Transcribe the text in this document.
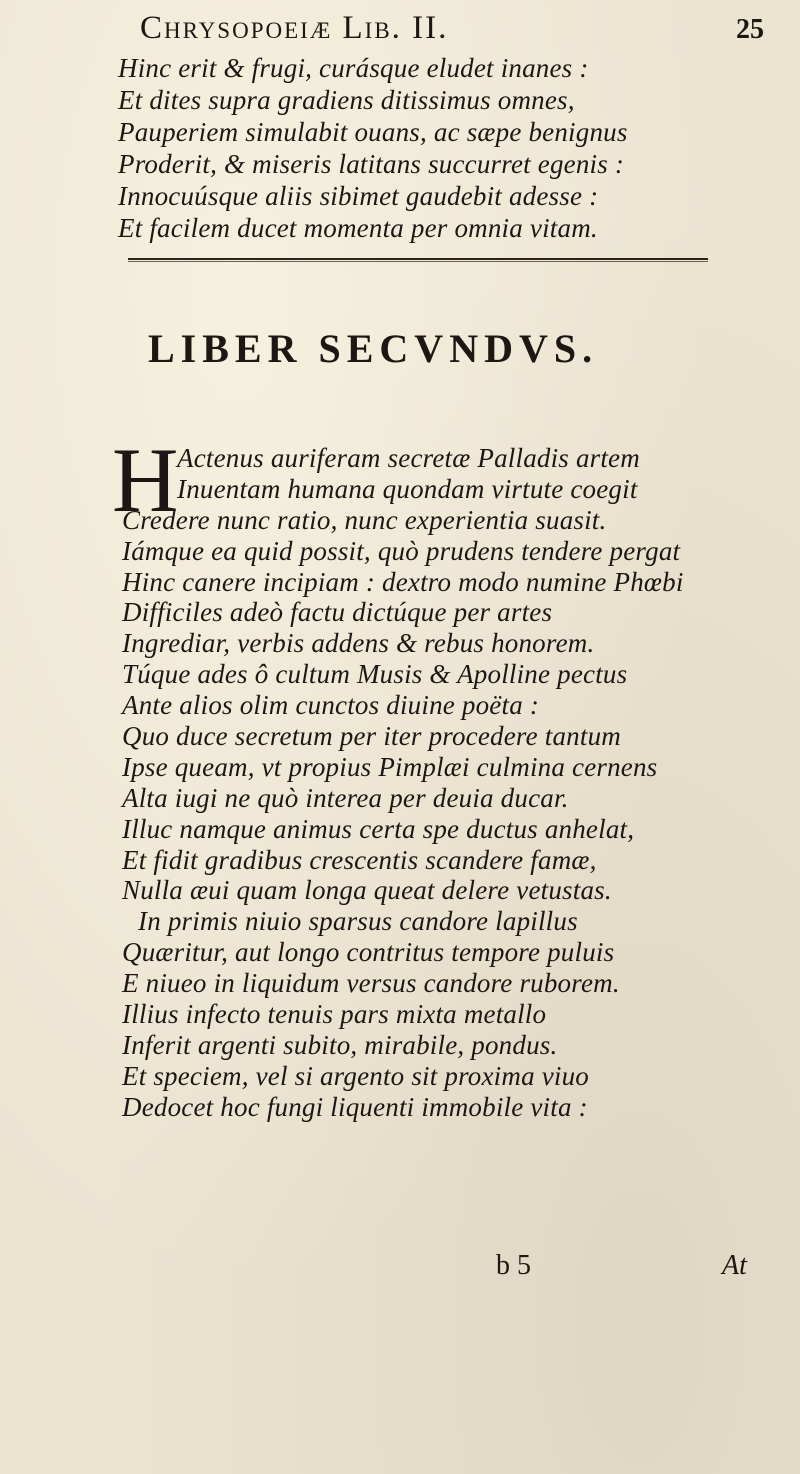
Chrysopoeiæ Lib. II.	25
Hinc erit & frugi, curásque eludet inanes :
Et dites supra gradiens ditissimus omnes,
Pauperiem simulabit ouans, ac sæpe benignus
Proderit, & miseris latitans succurret egenis :
Innocuúsque aliis sibimet gaudebit adesse :
Et facilem ducet momenta per omnia vitam.
LIBER SECVNDVS.
H
Actenus auriferam secretæ Palladis artem
Inuentam humana quondam virtute coegit
Credere nunc ratio, nunc experientia suasit.
Iámque ea quid possit, quò prudens tendere pergat
Hinc canere incipiam : dextro modo numine Phœbi
Difficiles adeò factu dictúque per artes
Ingrediar, verbis addens & rebus honorem.
Túque ades ô cultum Musis & Apolline pectus
Ante alios olim cunctos diuine poëta :
Quo duce secretum per iter procedere tantum
Ipse queam, vt propius Pimplæi culmina cernens
Alta iugi ne quò interea per deuia ducar.
Illuc namque animus certa spe ductus anhelat,
Et fidit gradibus crescentis scandere famæ,
Nulla æui quam longa queat delere vetustas.
In primis niuio sparsus candore lapillus
Quæritur, aut longo contritus tempore puluis
E niueo in liquidum versus candore ruborem.
Illius infecto tenuis pars mixta metallo
Inferit argenti subito, mirabile, pondus.
Et speciem, vel si argento sit proxima viuo
Dedocet hoc fungi liquenti immobile vita :
b 5	At
